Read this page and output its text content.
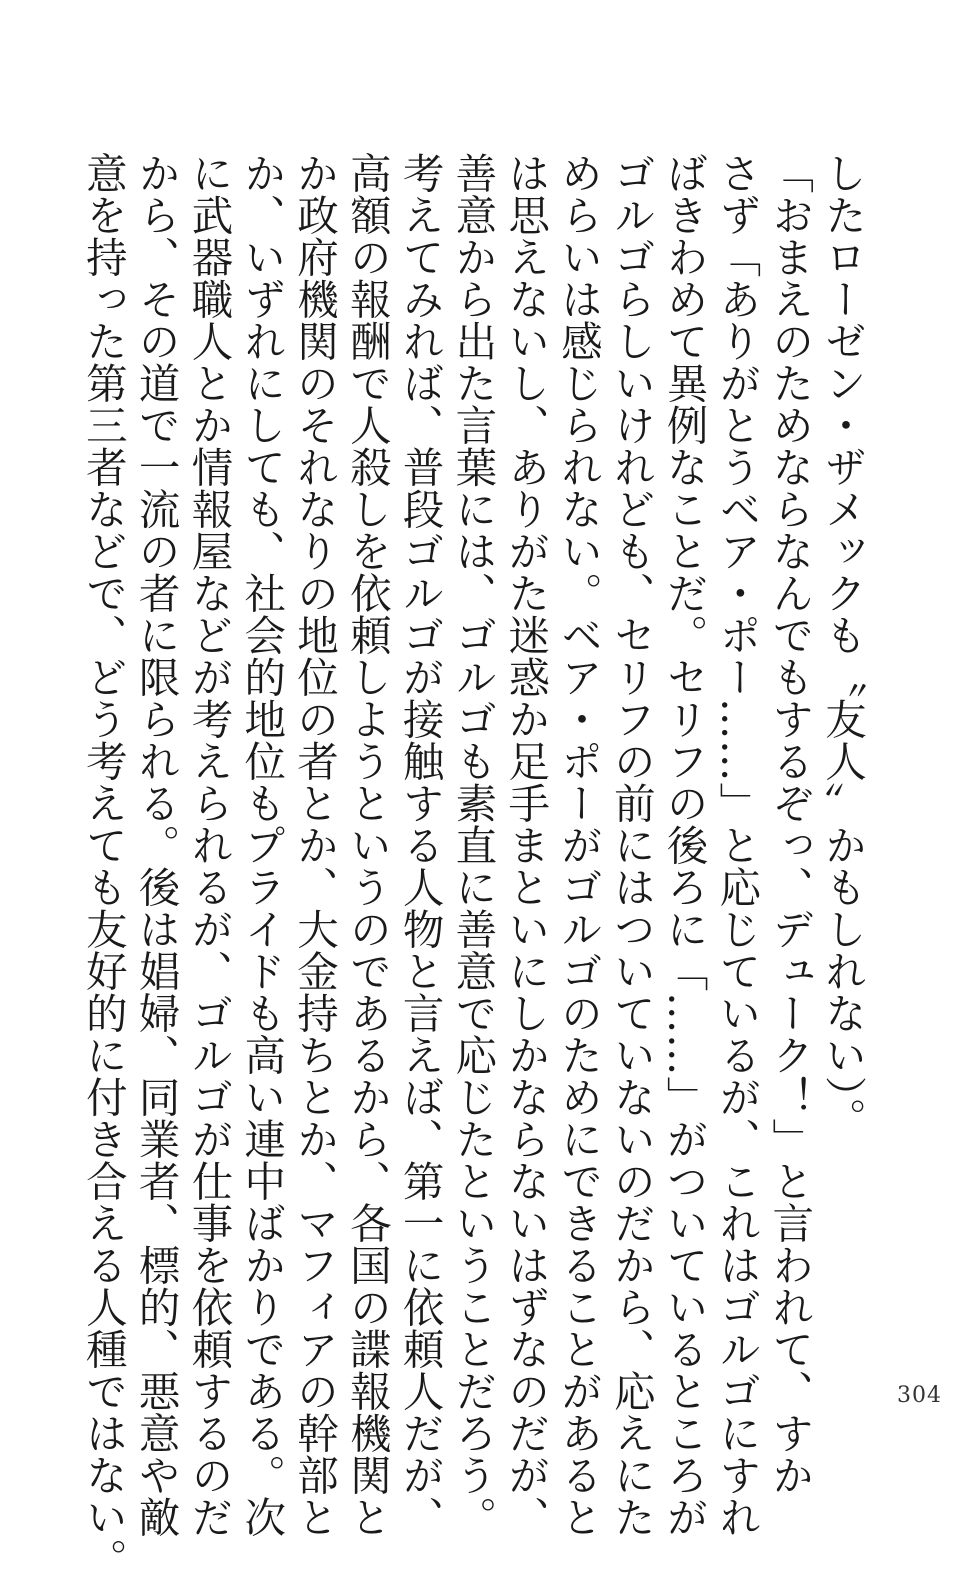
したローゼン・ザメックも〝友人〟かもしれない）。
「おまえのためならなんでもするぞっ、デューク！」と言われて、すか
さず「ありがとうベア・ポー……」と応じているが、これはゴルゴにすれ
ばきわめて異例なことだ。セリフの後ろに「……」がついているところが
ゴルゴらしいけれども、セリフの前にはついていないのだから、応えにた
めらいは感じられない。ベア・ポーがゴルゴのためにできることがあると
は思えないし、ありがた迷惑か足手まといにしかならないはずなのだが、
善意から出た言葉には、ゴルゴも素直に善意で応じたということだろう。
考えてみれば、普段ゴルゴが接触する人物と言えば、第一に依頼人だが、
高額の報酬で人殺しを依頼しようというのであるから、各国の諜報機関と
か政府機関のそれなりの地位の者とか、大金持ちとか、マフィアの幹部と
か、いずれにしても、社会的地位もプライドも高い連中ばかりである。次
に武器職人とか情報屋などが考えられるが、ゴルゴが仕事を依頼するのだ
から、その道で一流の者に限られる。後は娼婦、同業者、標的、悪意や敵
意を持った第三者などで、どう考えても友好的に付き合える人種ではない。	304
